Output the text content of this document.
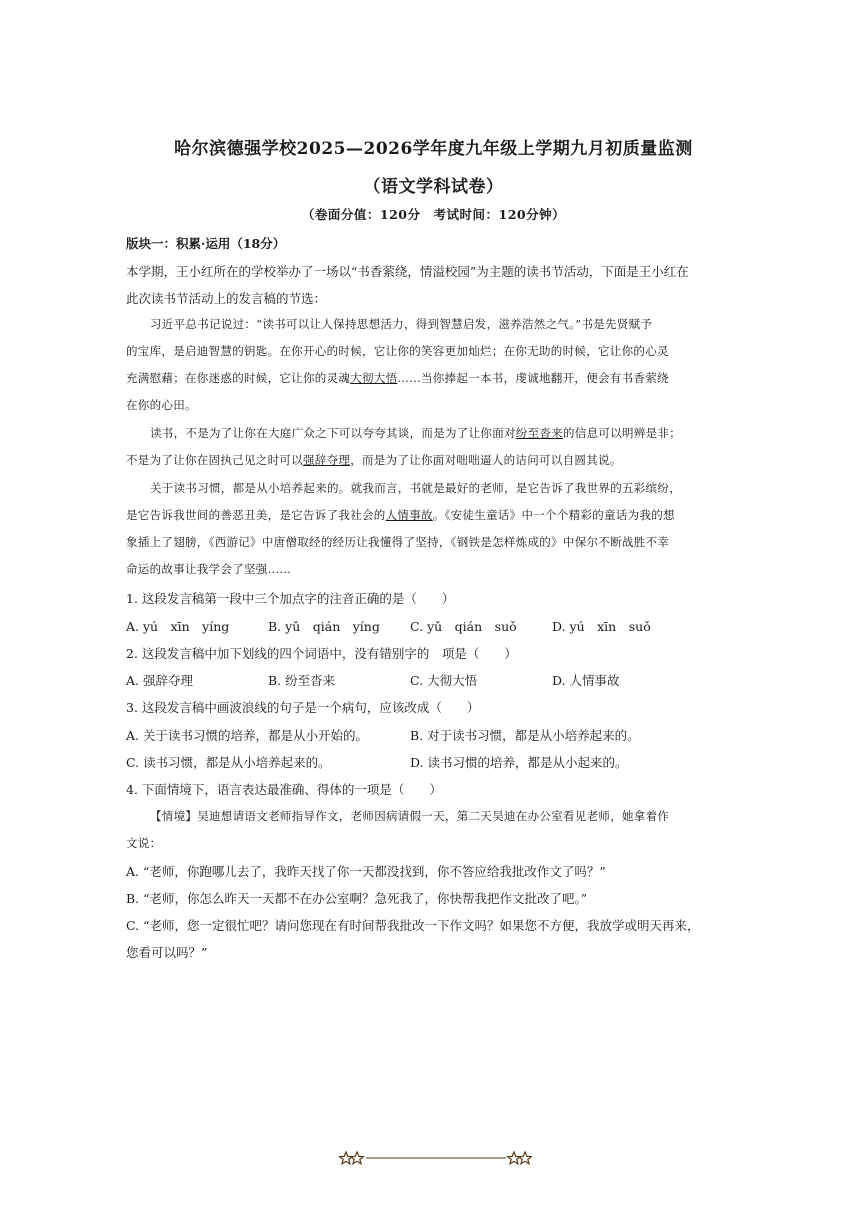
哈尔滨德强学校2025—2026学年度九年级上学期九月初质量监测
（语文学科试卷）
（卷面分值：120分　考试时间：120分钟）
版块一：积累·运用（18分）
本学期，王小红所在的学校举办了一场以“书香萦绕，情溢校园”为主题的读书节活动，下面是王小红在
此次读书节活动上的发言稿的节选：
习近平总书记说过：“读书可以让人保持思想活力，得到智慧启发，滋养浩然之气。”书是先贤赋予
的宝库，是启迪智慧的钥匙。在你开心的时候，它让你的笑容更加灿烂；在你无助的时候，它让你的心灵
充满慰藉；在你迷惑的时候，它让你的灵魂大彻大悟……当你捧起一本书，虔诚地翻开，便会有书香萦绕
在你的心田。
读书，不是为了让你在大庭广众之下可以夸夸其谈，而是为了让你面对纷至沓来的信息可以明辨是非；
不是为了让你在固执己见之时可以强辞夺理，而是为了让你面对咄咄逼人的诘问可以自圆其说。
关于读书习惯，都是从小培养起来的。就我而言，书就是最好的老师，是它告诉了我世界的五彩缤纷，
是它告诉我世间的善恶丑美，是它告诉了我社会的人情事故。《安徒生童话》中一个个精彩的童话为我的想
象插上了翅膀，《西游记》中唐僧取经的经历让我懂得了坚持，《钢铁是怎样炼成的》中保尔不断战胜不幸
命运的故事让我学会了坚强……
1. 这段发言稿第一段中三个加点字的注音正确的是（　　）
A. yú　xīn　yíng	B. yǔ　qián　yíng C. yǔ　qián　suǒ	D. yú　xīn　suǒ
2. 这段发言稿中加下划线的四个词语中，没有错别字的　项是（　　）
A. 强辞夺理	B. 纷至沓来	C. 大彻大悟	D. 人情事故
3. 这段发言稿中画波浪线的句子是一个病句，应该改成（　　）
A. 关于读书习惯的培养，都是从小开始的。	B. 对于读书习惯，都是从小培养起来的。
C. 读书习惯，都是从小培养起来的。	D. 读书习惯的培养，都是从小起来的。
4. 下面情境下，语言表达最准确、得体的一项是（　　）
【情境】吴迪想请语文老师指导作文，老师因病请假一天，第二天吴迪在办公室看见老师，她拿着作
文说：
A. “老师，你跑哪儿去了，我昨天找了你一天都没找到，你不答应给我批改作文了吗？”
B. “老师，你怎么昨天一天都不在办公室啊？急死我了，你快帮我把作文批改了吧。”
C. “老师，您一定很忙吧？请问您现在有时间帮我批改一下作文吗？如果您不方便，我放学或明天再来，
您看可以吗？”
